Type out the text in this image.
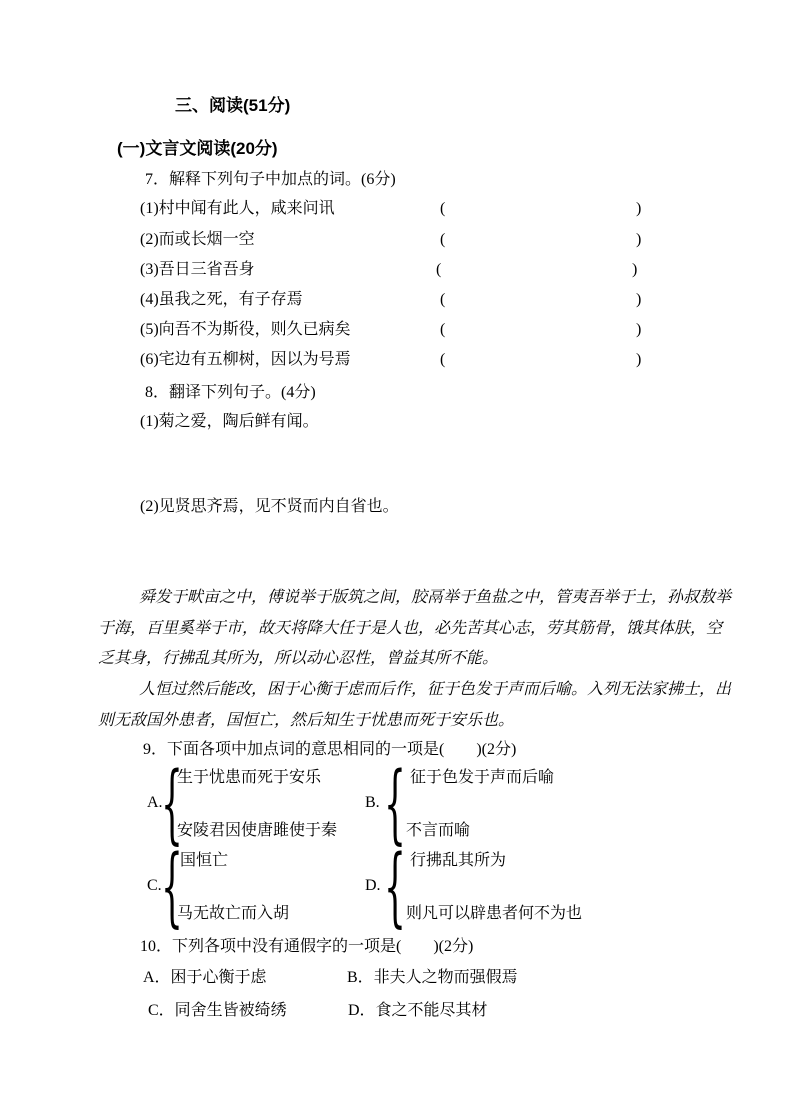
三、阅读(51分)
(一)文言文阅读(20分)
7．解释下列句子中加点的词。(6分)
(1)村中闻有此人，咸来问讯	(	)
(2)而或长烟一空	(	)
(3)吾日三省吾身	(	)
(4)虽我之死，有子存焉	(	)
(5)向吾不为斯役，则久已病矣	(	)
(6)宅边有五柳树，因以为号焉	(	)
8．翻译下列句子。(4分)
(1)菊之爱，陶后鲜有闻。
(2)见贤思齐焉，见不贤而内自省也。
舜发于畎亩之中，傅说举于版筑之间，胶鬲举于鱼盐之中，管夷吾举于士，孙叔敖举
于海，百里奚举于市，故天将降大任于是人也，必先苦其心志，劳其筋骨，饿其体肤，空
乏其身，行拂乱其所为，所以动心忍性，曾益其所不能。
人恒过然后能改，困于心衡于虑而后作，征于色发于声而后喻。入列无法家拂士，出
则无敌国外患者，国恒亡，然后知生于忧患而死于安乐也。
9．下面各项中加点词的意思相同的一项是(　　)(2分)
A.
{
生于忧患而死于安乐
安陵君因使唐雎使于秦
B. { 征于色发于声而后喻
不言而喻
C. {
国恒亡
马无故亡而入胡
D. { 行拂乱其所为
则凡可以辟患者何不为也
10．下列各项中没有通假字的一项是(　　)(2分)
A．困于心衡于虑	B．非夫人之物而强假焉
C．同舍生皆被绮绣	D．食之不能尽其材
